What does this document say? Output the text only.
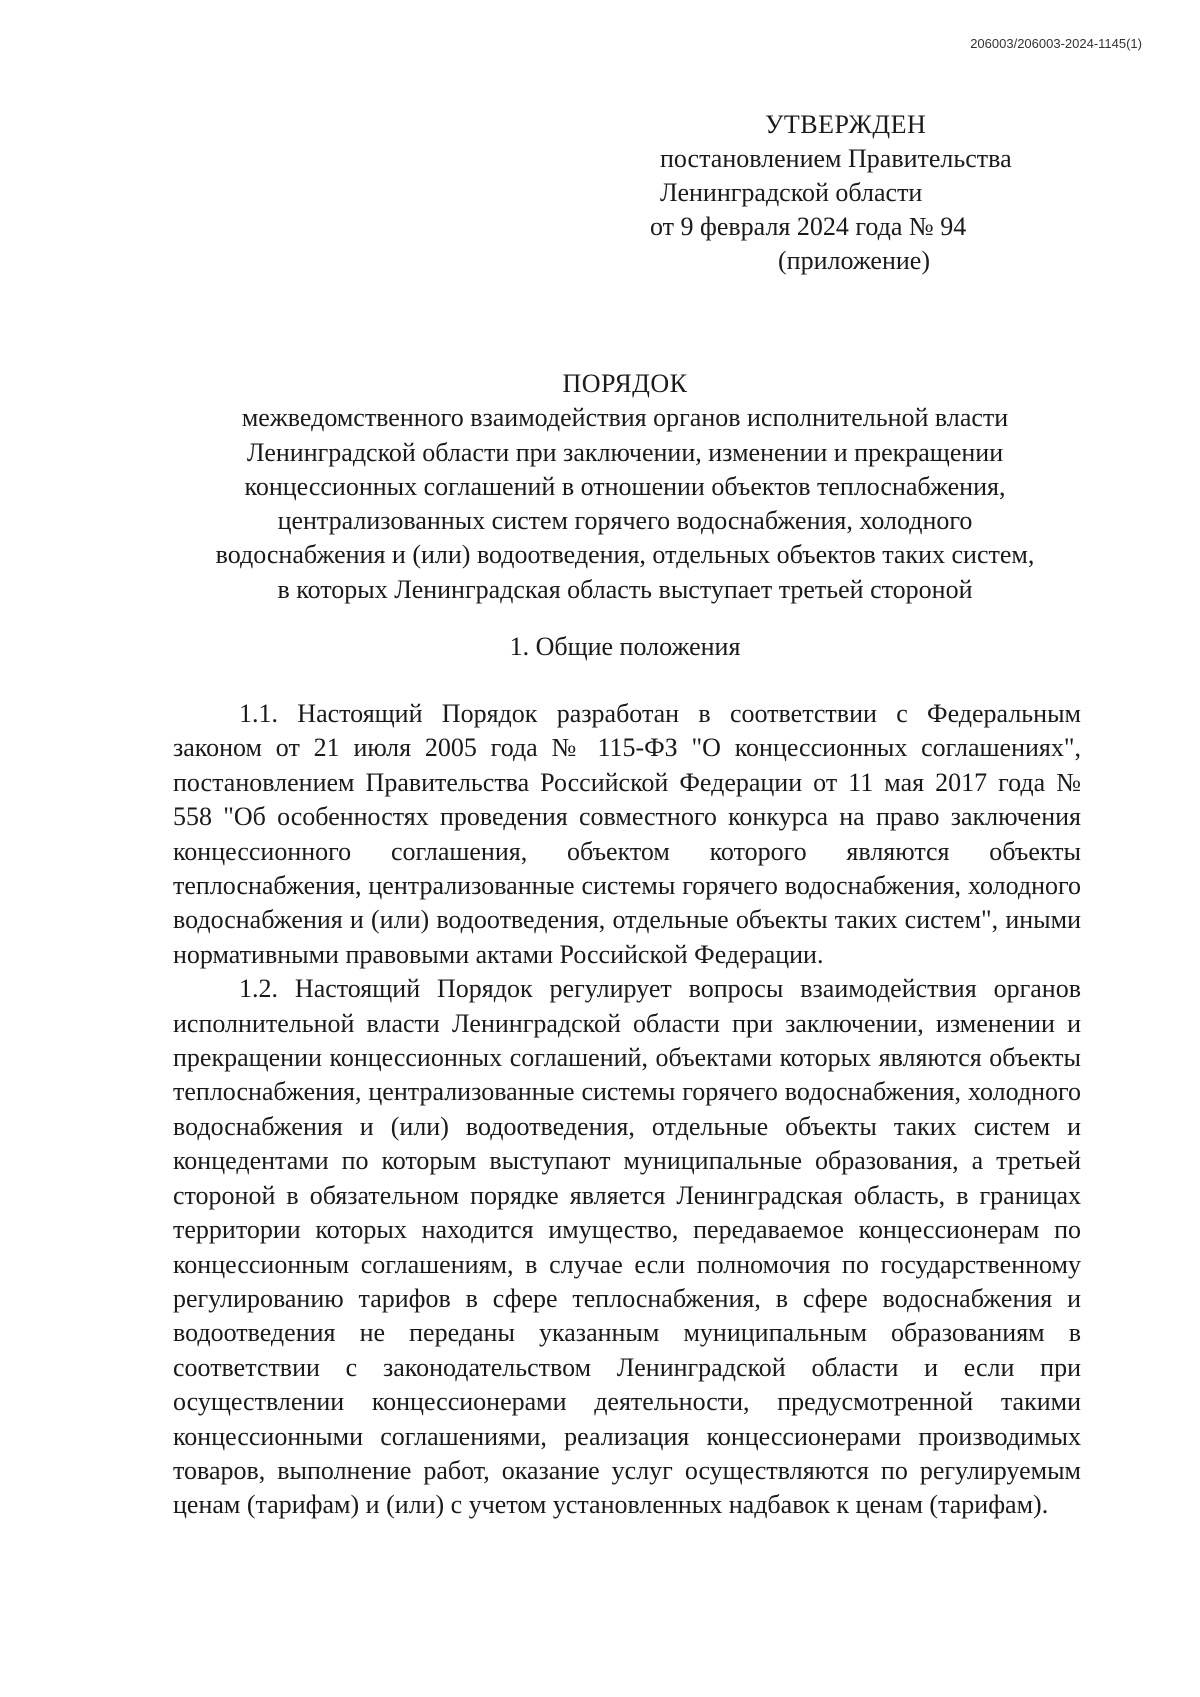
206003/206003-2024-1145(1)
УТВЕРЖДЕН
постановлением Правительства
Ленинградской области
от 9 февраля 2024 года № 94
(приложение)
ПОРЯДОК
межведомственного взаимодействия органов исполнительной власти
Ленинградской области при заключении, изменении и прекращении
концессионных соглашений в отношении объектов теплоснабжения,
централизованных систем горячего водоснабжения, холодного
водоснабжения и (или) водоотведения, отдельных объектов таких систем,
в которых Ленинградская область выступает третьей стороной
1. Общие положения

1.1. Настоящий Порядок разработан в соответствии с Федеральным законом от 21 июля 2005 года № 115-ФЗ "О концессионных соглашениях", постановлением Правительства Российской Федерации от 11 мая 2017 года № 558 "Об особенностях проведения совместного конкурса на право заключения концессионного соглашения, объектом которого являются объекты теплоснабжения, централизованные системы горячего водоснабжения, холодного водоснабжения и (или) водоотведения, отдельные объекты таких систем", иными нормативными правовыми актами Российской Федерации.

1.2. Настоящий Порядок регулирует вопросы взаимодействия органов исполнительной власти Ленинградской области при заключении, изменении и прекращении концессионных соглашений, объектами которых являются объекты теплоснабжения, централизованные системы горячего водоснабжения, холодного водоснабжения и (или) водоотведения, отдельные объекты таких систем и концедентами по которым выступают муниципальные образования, а третьей стороной в обязательном порядке является Ленинградская область, в границах территории которых находится имущество, передаваемое концессионерам по концессионным соглашениям, в случае если полномочия по государственному регулированию тарифов в сфере теплоснабжения, в сфере водоснабжения и водоотведения не переданы указанным муниципальным образованиям в соответствии с законодательством Ленинградской области и если при осуществлении концессионерами деятельности, предусмотренной такими концессионными соглашениями, реализация концессионерами производимых товаров, выполнение работ, оказание услуг осуществляются по регулируемым ценам (тарифам) и (или) с учетом установленных надбавок к ценам (тарифам).
